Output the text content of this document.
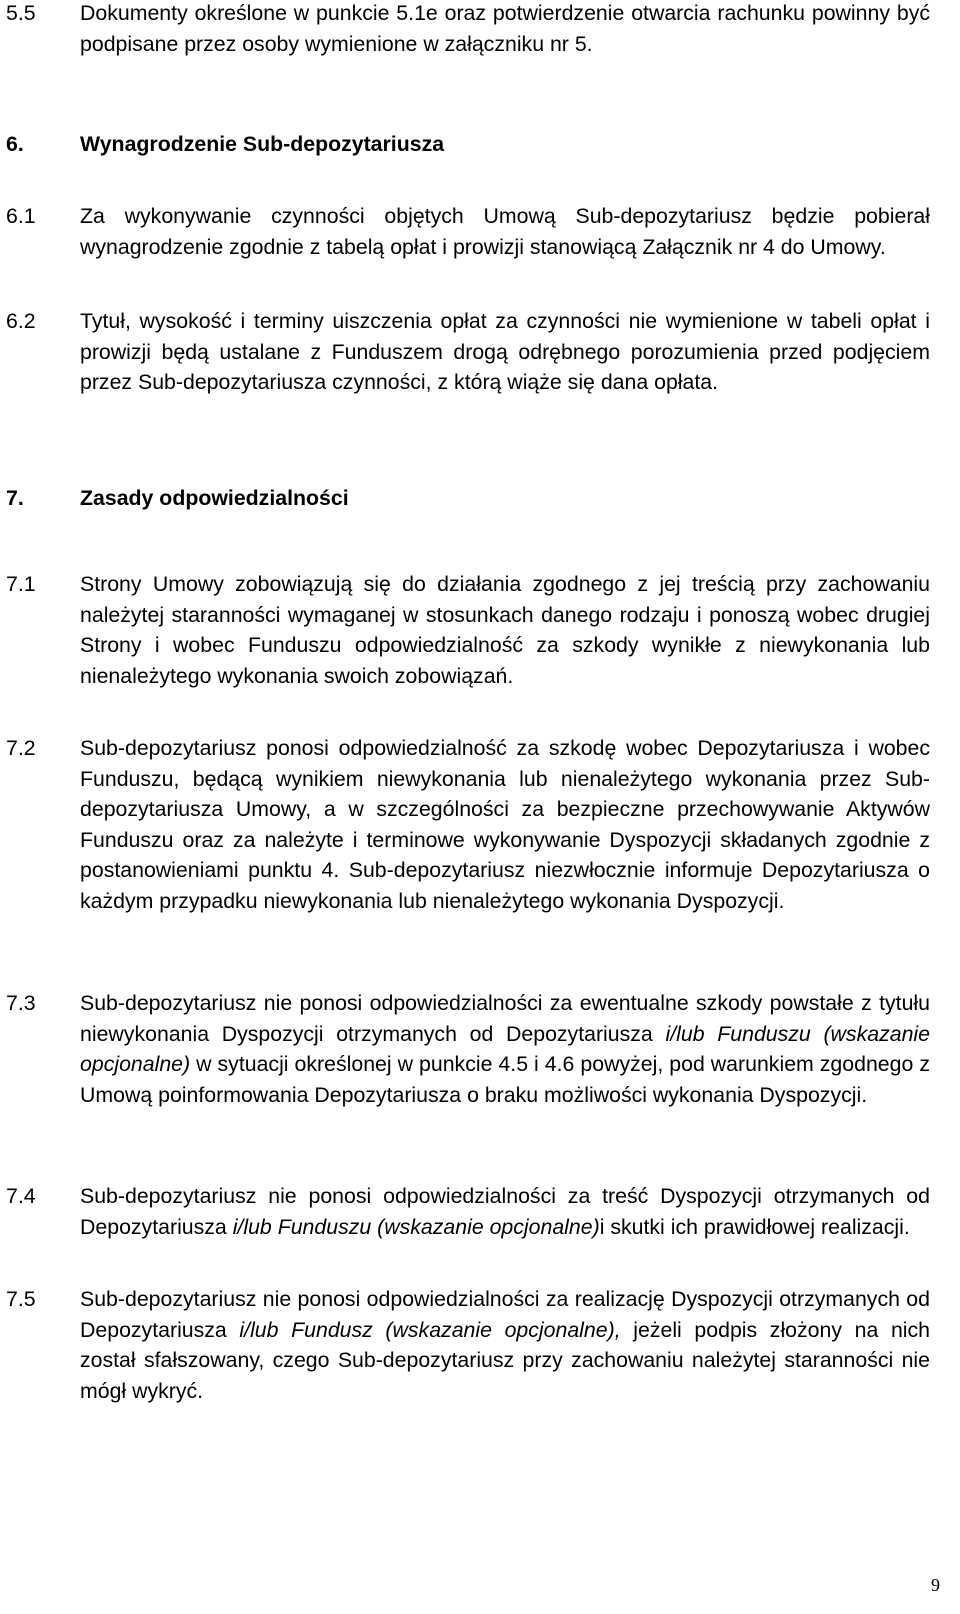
5.5	Dokumenty określone w punkcie 5.1e oraz potwierdzenie otwarcia rachunku powinny być podpisane przez osoby wymienione w załączniku nr 5.
6.	Wynagrodzenie Sub-depozytariusza
6.1	Za wykonywanie czynności objętych Umową Sub-depozytariusz będzie pobierał wynagrodzenie zgodnie z tabelą opłat i prowizji stanowiącą Załącznik nr 4 do Umowy.
6.2	Tytuł, wysokość i terminy uiszczenia opłat za czynności nie wymienione w tabeli opłat i prowizji będą ustalane z Funduszem drogą odrębnego porozumienia przed podjęciem przez Sub-depozytariusza czynności, z którą wiąże się dana opłata.
7.	Zasady odpowiedzialności
7.1	Strony Umowy zobowiązują się do działania zgodnego z jej treścią przy zachowaniu należytej staranności wymaganej w stosunkach danego rodzaju i ponoszą wobec drugiej Strony i wobec Funduszu odpowiedzialność za szkody wynikłe z niewykonania lub nienależytego wykonania swoich zobowiązań.
7.2	Sub-depozytariusz ponosi odpowiedzialność za szkodę wobec Depozytariusza i wobec Funduszu, będącą wynikiem niewykonania lub nienależytego wykonania przez Sub-depozytariusza Umowy, a w szczególności za bezpieczne przechowywanie Aktywów Funduszu oraz za należyte i terminowe wykonywanie Dyspozycji składanych zgodnie z postanowieniami punktu 4. Sub-depozytariusz niezwłocznie informuje Depozytariusza o każdym przypadku niewykonania lub nienależytego wykonania Dyspozycji.
7.3	Sub-depozytariusz nie ponosi odpowiedzialności za ewentualne szkody powstałe z tytułu niewykonania Dyspozycji otrzymanych od Depozytariusza i/lub Funduszu (wskazanie opcjonalne) w sytuacji określonej w punkcie 4.5 i 4.6 powyżej, pod warunkiem zgodnego z Umową poinformowania Depozytariusza o braku możliwości wykonania Dyspozycji.
7.4	Sub-depozytariusz nie ponosi odpowiedzialności za treść Dyspozycji otrzymanych od Depozytariusza i/lub Funduszu (wskazanie opcjonalne)i skutki ich prawidłowej realizacji.
7.5	Sub-depozytariusz nie ponosi odpowiedzialności za realizację Dyspozycji otrzymanych od Depozytariusza i/lub Fundusz (wskazanie opcjonalne), jeżeli podpis złożony na nich został sfałszowany, czego Sub-depozytariusz przy zachowaniu należytej staranności nie mógł wykryć.
9
